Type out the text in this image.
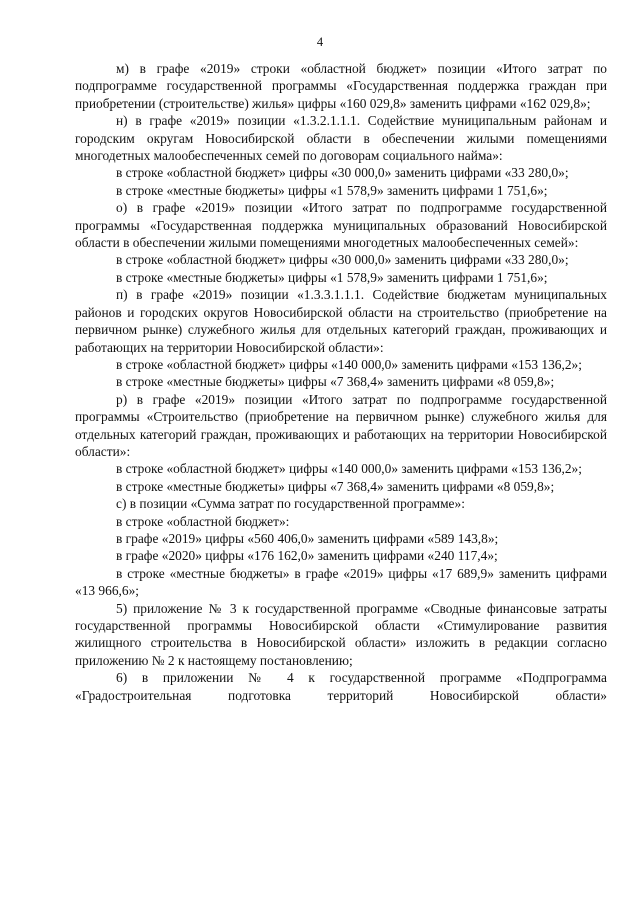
4

м) в графе «2019» строки «областной бюджет» позиции «Итого затрат по подпрограмме государственной программы «Государственная поддержка граждан при приобретении (строительстве) жилья» цифры «160 029,8» заменить цифрами «162 029,8»;

н) в графе «2019» позиции «1.3.2.1.1.1. Содействие муниципальным районам и городским округам Новосибирской области в обеспечении жилыми помещениями многодетных малообеспеченных семей по договорам социального найма»:

в строке «областной бюджет» цифры «30 000,0» заменить цифрами «33 280,0»;

в строке «местные бюджеты» цифры «1 578,9» заменить цифрами 1 751,6»;

о) в графе «2019» позиции «Итого затрат по подпрограмме государственной программы «Государственная поддержка муниципальных образований Новосибирской области в обеспечении жилыми помещениями многодетных малообеспеченных семей»:

в строке «областной бюджет» цифры «30 000,0» заменить цифрами «33 280,0»;

в строке «местные бюджеты» цифры «1 578,9» заменить цифрами 1 751,6»;

п) в графе «2019» позиции «1.3.3.1.1.1. Содействие бюджетам муниципальных районов и городских округов Новосибирской области на строительство (приобретение на первичном рынке) служебного жилья для отдельных категорий граждан, проживающих и работающих на территории Новосибирской области»:

в строке «областной бюджет» цифры «140 000,0» заменить цифрами «153 136,2»;

в строке «местные бюджеты» цифры «7 368,4» заменить цифрами «8 059,8»;

р) в графе «2019» позиции «Итого затрат по подпрограмме государственной программы «Строительство (приобретение на первичном рынке) служебного жилья для отдельных категорий граждан, проживающих и работающих на территории Новосибирской области»:

в строке «областной бюджет» цифры «140 000,0» заменить цифрами «153 136,2»;

в строке «местные бюджеты» цифры «7 368,4» заменить цифрами «8 059,8»;

с) в позиции «Сумма затрат по государственной программе»:

в строке «областной бюджет»:

в графе «2019» цифры «560 406,0» заменить цифрами «589 143,8»;

в графе «2020» цифры «176 162,0» заменить цифрами «240 117,4»;

в строке «местные бюджеты» в графе «2019» цифры «17 689,9» заменить цифрами «13 966,6»;

5) приложение № 3 к государственной программе «Сводные финансовые затраты государственной программы Новосибирской области «Стимулирование развития жилищного строительства в Новосибирской области» изложить в редакции согласно приложению № 2 к настоящему постановлению;

6) в приложении № 4 к государственной программе «Подпрограмма «Градостроительная подготовка территорий Новосибирской области»
